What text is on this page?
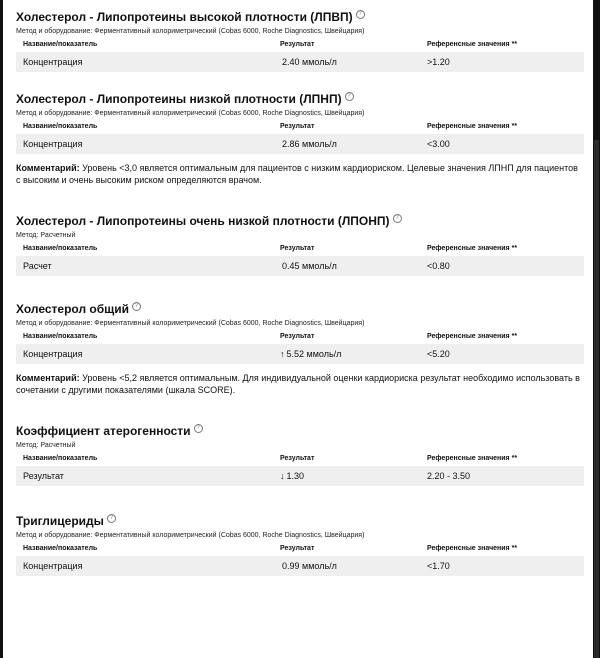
Холестерол - Липопротеины высокой плотности (ЛПВП) ?
Метод и оборудование: Ферментативный колориметрический (Cobas 6000, Roche Diagnostics, Швейцария)
Название/показатель	Результат	Референсные значения **
Концентрация	2.40 ммоль/л	>1.20
Холестерол - Липопротеины низкой плотности (ЛПНП) ?
Метод и оборудование: Ферментативный колориметрический (Cobas 6000, Roche Diagnostics, Швейцария)
Название/показатель	Результат	Референсные значения **
Концентрация	2.86 ммоль/л	<3.00
Комментарий: Уровень <3,0 является оптимальным для пациентов с низким кардиориском. Целевые значения ЛПНП для пациентов с высоким и очень высоким риском определяются врачом.
Холестерол - Липопротеины очень низкой плотности (ЛПОНП) ?
Метод: Расчетный
Название/показатель	Результат	Референсные значения **
Расчет	0.45 ммоль/л	<0.80
Холестерол общий ?
Метод и оборудование: Ферментативный колориметрический (Cobas 6000, Roche Diagnostics, Швейцария)
Название/показатель	Результат	Референсные значения **
Концентрация	↑ 5.52 ммоль/л	<5.20
Комментарий: Уровень <5,2 является оптимальным. Для индивидуальной оценки кардиориска результат необходимо использовать в сочетании с другими показателями (шкала SCORE).
Коэффициент атерогенности ?
Метод: Расчетный
Название/показатель	Результат	Референсные значения **
Результат	↓ 1.30	2.20 - 3.50
Триглицериды ?
Метод и оборудование: Ферментативный колориметрический (Cobas 6000, Roche Diagnostics, Швейцария)
Название/показатель	Результат	Референсные значения **
Концентрация	0.99 ммоль/л	<1.70
